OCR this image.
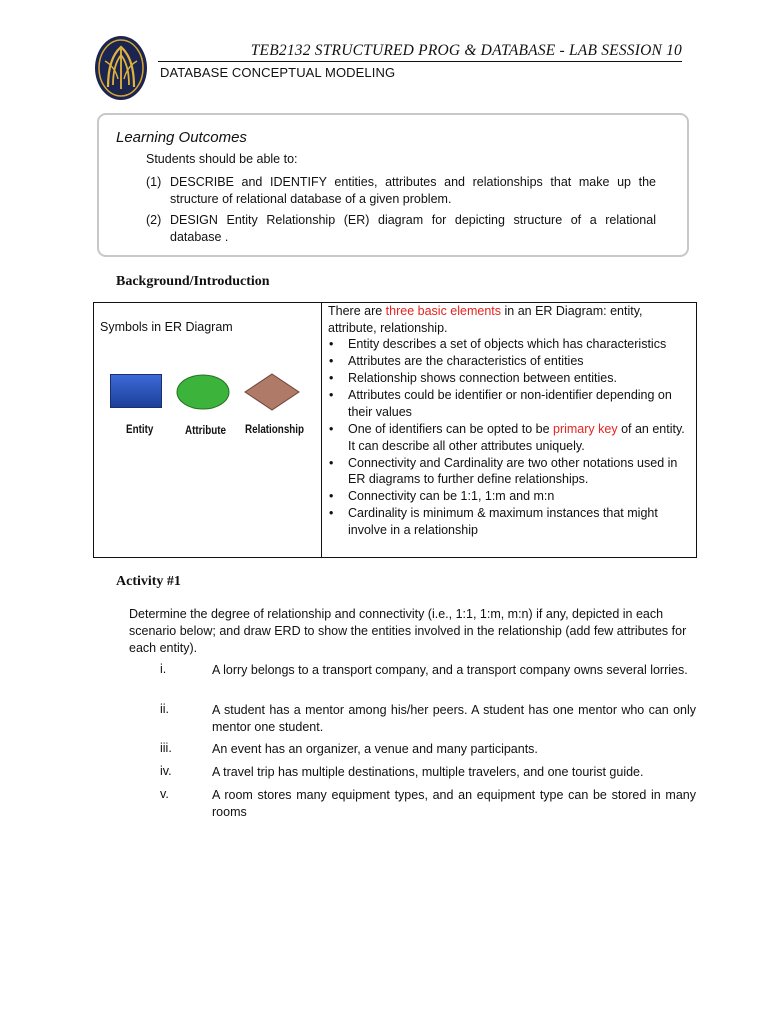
TEB2132 STRUCTURED PROG & DATABASE - LAB SESSION 10
DATABASE CONCEPTUAL MODELING
Learning Outcomes
Students should be able to:
(1) DESCRIBE and IDENTIFY entities, attributes and relationships that make up the structure of relational database of a given problem.
(2) DESIGN Entity Relationship (ER) diagram for depicting structure of a relational database .
Background/Introduction
Symbols in ER Diagram
Entity	Attribute Relationship
There are three basic elements in an ER Diagram: entity, attribute, relationship.
• Entity describes a set of objects which has characteristics
• Attributes are the characteristics of entities
• Relationship shows connection between entities.
• Attributes could be identifier or non-identifier depending on their values
• One of identifiers can be opted to be primary key of an entity. It can describe all other attributes uniquely.
• Connectivity and Cardinality are two other notations used in ER diagrams to further define relationships.
• Connectivity can be 1:1, 1:m and m:n
• Cardinality is minimum & maximum instances that might involve in a relationship
Activity #1
Determine the degree of relationship and connectivity (i.e., 1:1, 1:m, m:n) if any, depicted in each scenario below; and draw ERD to show the entities involved in the relationship (add few attributes for each entity).
i.	A lorry belongs to a transport company, and a transport company owns several lorries.
ii.	A student has a mentor among his/her peers. A student has one mentor who can only mentor one student.
iii.	An event has an organizer, a venue and many participants.
iv.	A travel trip has multiple destinations, multiple travelers, and one tourist guide.
v.	A room stores many equipment types, and an equipment type can be stored in many rooms
